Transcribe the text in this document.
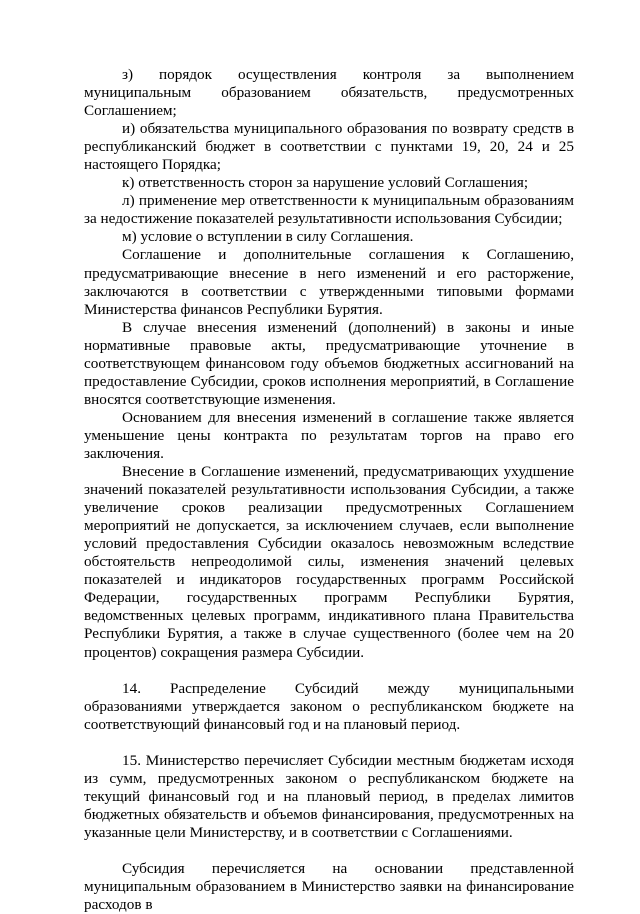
з) порядок осуществления контроля за выполнением муниципальным образованием обязательств, предусмотренных Соглашением;

и) обязательства муниципального образования по возврату средств в республиканский бюджет в соответствии с пунктами 19, 20, 24 и 25 настоящего Порядка;

к) ответственность сторон за нарушение условий Соглашения;

л) применение мер ответственности к муниципальным образованиям за недостижение показателей результативности использования Субсидии;

м) условие о вступлении в силу Соглашения.

Соглашение и дополнительные соглашения к Соглашению, предусматривающие внесение в него изменений и его расторжение, заключаются в соответствии с утвержденными типовыми формами Министерства финансов Республики Бурятия.

В случае внесения изменений (дополнений) в законы и иные нормативные правовые акты, предусматривающие уточнение в соответствующем финансовом году объемов бюджетных ассигнований на предоставление Субсидии, сроков исполнения мероприятий, в Соглашение вносятся соответствующие изменения.

Основанием для внесения изменений в соглашение также является уменьшение цены контракта по результатам торгов на право его заключения.

Внесение в Соглашение изменений, предусматривающих ухудшение значений показателей результативности использования Субсидии, а также увеличение сроков реализации предусмотренных Соглашением мероприятий не допускается, за исключением случаев, если выполнение условий предоставления Субсидии оказалось невозможным вследствие обстоятельств непреодолимой силы, изменения значений целевых показателей и индикаторов государственных программ Российской Федерации, государственных программ Республики Бурятия, ведомственных целевых программ, индикативного плана Правительства Республики Бурятия, а также в случае существенного (более чем на 20 процентов) сокращения размера Субсидии.

14. Распределение Субсидий между муниципальными образованиями утверждается законом о республиканском бюджете на соответствующий финансовый год и на плановый период.

15. Министерство перечисляет Субсидии местным бюджетам исходя из сумм, предусмотренных законом о республиканском бюджете на текущий финансовый год и на плановый период, в пределах лимитов бюджетных обязательств и объемов финансирования, предусмотренных на указанные цели Министерству, и в соответствии с Соглашениями.

Субсидия перечисляется на основании представленной муниципальным образованием в Министерство заявки на финансирование расходов в
